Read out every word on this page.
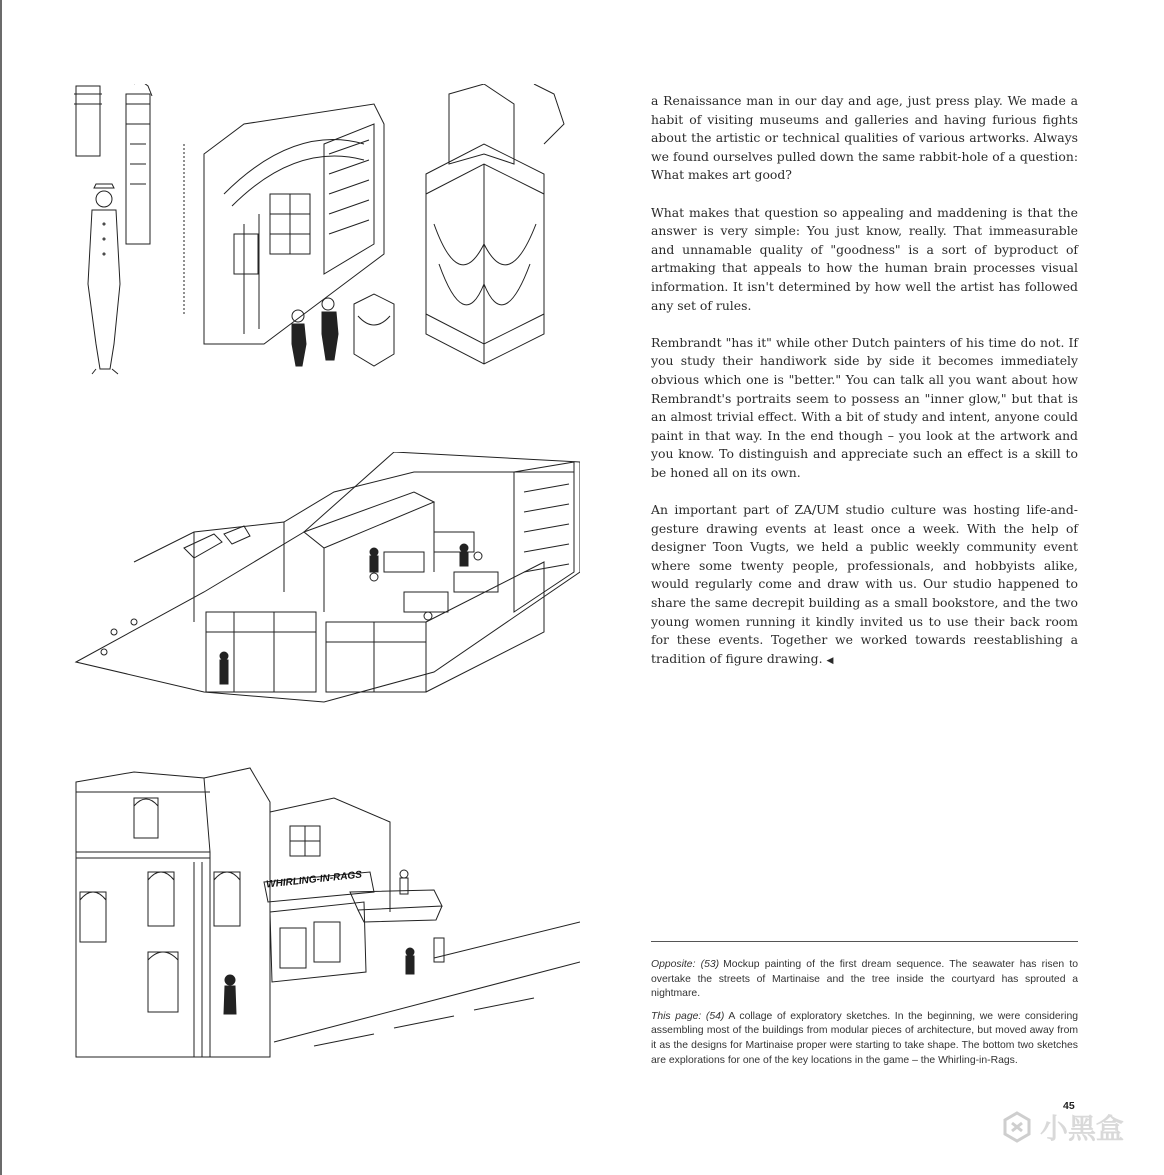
WHIRLING-IN-RAGS

a Renaissance man in our day and age, just press play. We made a habit of visiting museums and galleries and having furious fights about the artistic or technical qualities of various artworks. Always we found ourselves pulled down the same rabbit-hole of a question: What makes art good?

What makes that question so appealing and maddening is that the answer is very simple: You just know, really. That immeasurable and unnamable quality of "goodness" is a sort of byproduct of artmaking that appeals to how the human brain processes visual information. It isn't determined by how well the artist has followed any set of rules.

Rembrandt "has it" while other Dutch painters of his time do not. If you study their handiwork side by side it becomes immediately obvious which one is "better." You can talk all you want about how Rembrandt's portraits seem to possess an "inner glow," but that is an almost trivial effect. With a bit of study and intent, anyone could paint in that way. In the end though – you look at the artwork and you know. To distinguish and appreciate such an effect is a skill to be honed all on its own.

An important part of ZA/UM studio culture was hosting life-and-gesture drawing events at least once a week. With the help of designer Toon Vugts, we held a public weekly community event where some twenty people, professionals, and hobbyists alike, would regularly come and draw with us. Our studio happened to share the same decrepit building as a small bookstore, and the two young women running it kindly invited us to use their back room for these events. Together we worked towards reestablishing a tradition of figure drawing. ◀

Opposite: (53) Mockup painting of the first dream sequence. The seawater has risen to overtake the streets of Martinaise and the tree inside the courtyard has sprouted a nightmare.

This page: (54) A collage of exploratory sketches. In the beginning, we were considering assembling most of the buildings from modular pieces of architecture, but moved away from it as the designs for Martinaise proper were starting to take shape. The bottom two sketches are explorations for one of the key locations in the game – the Whirling-in-Rags.

45
小黑盒
